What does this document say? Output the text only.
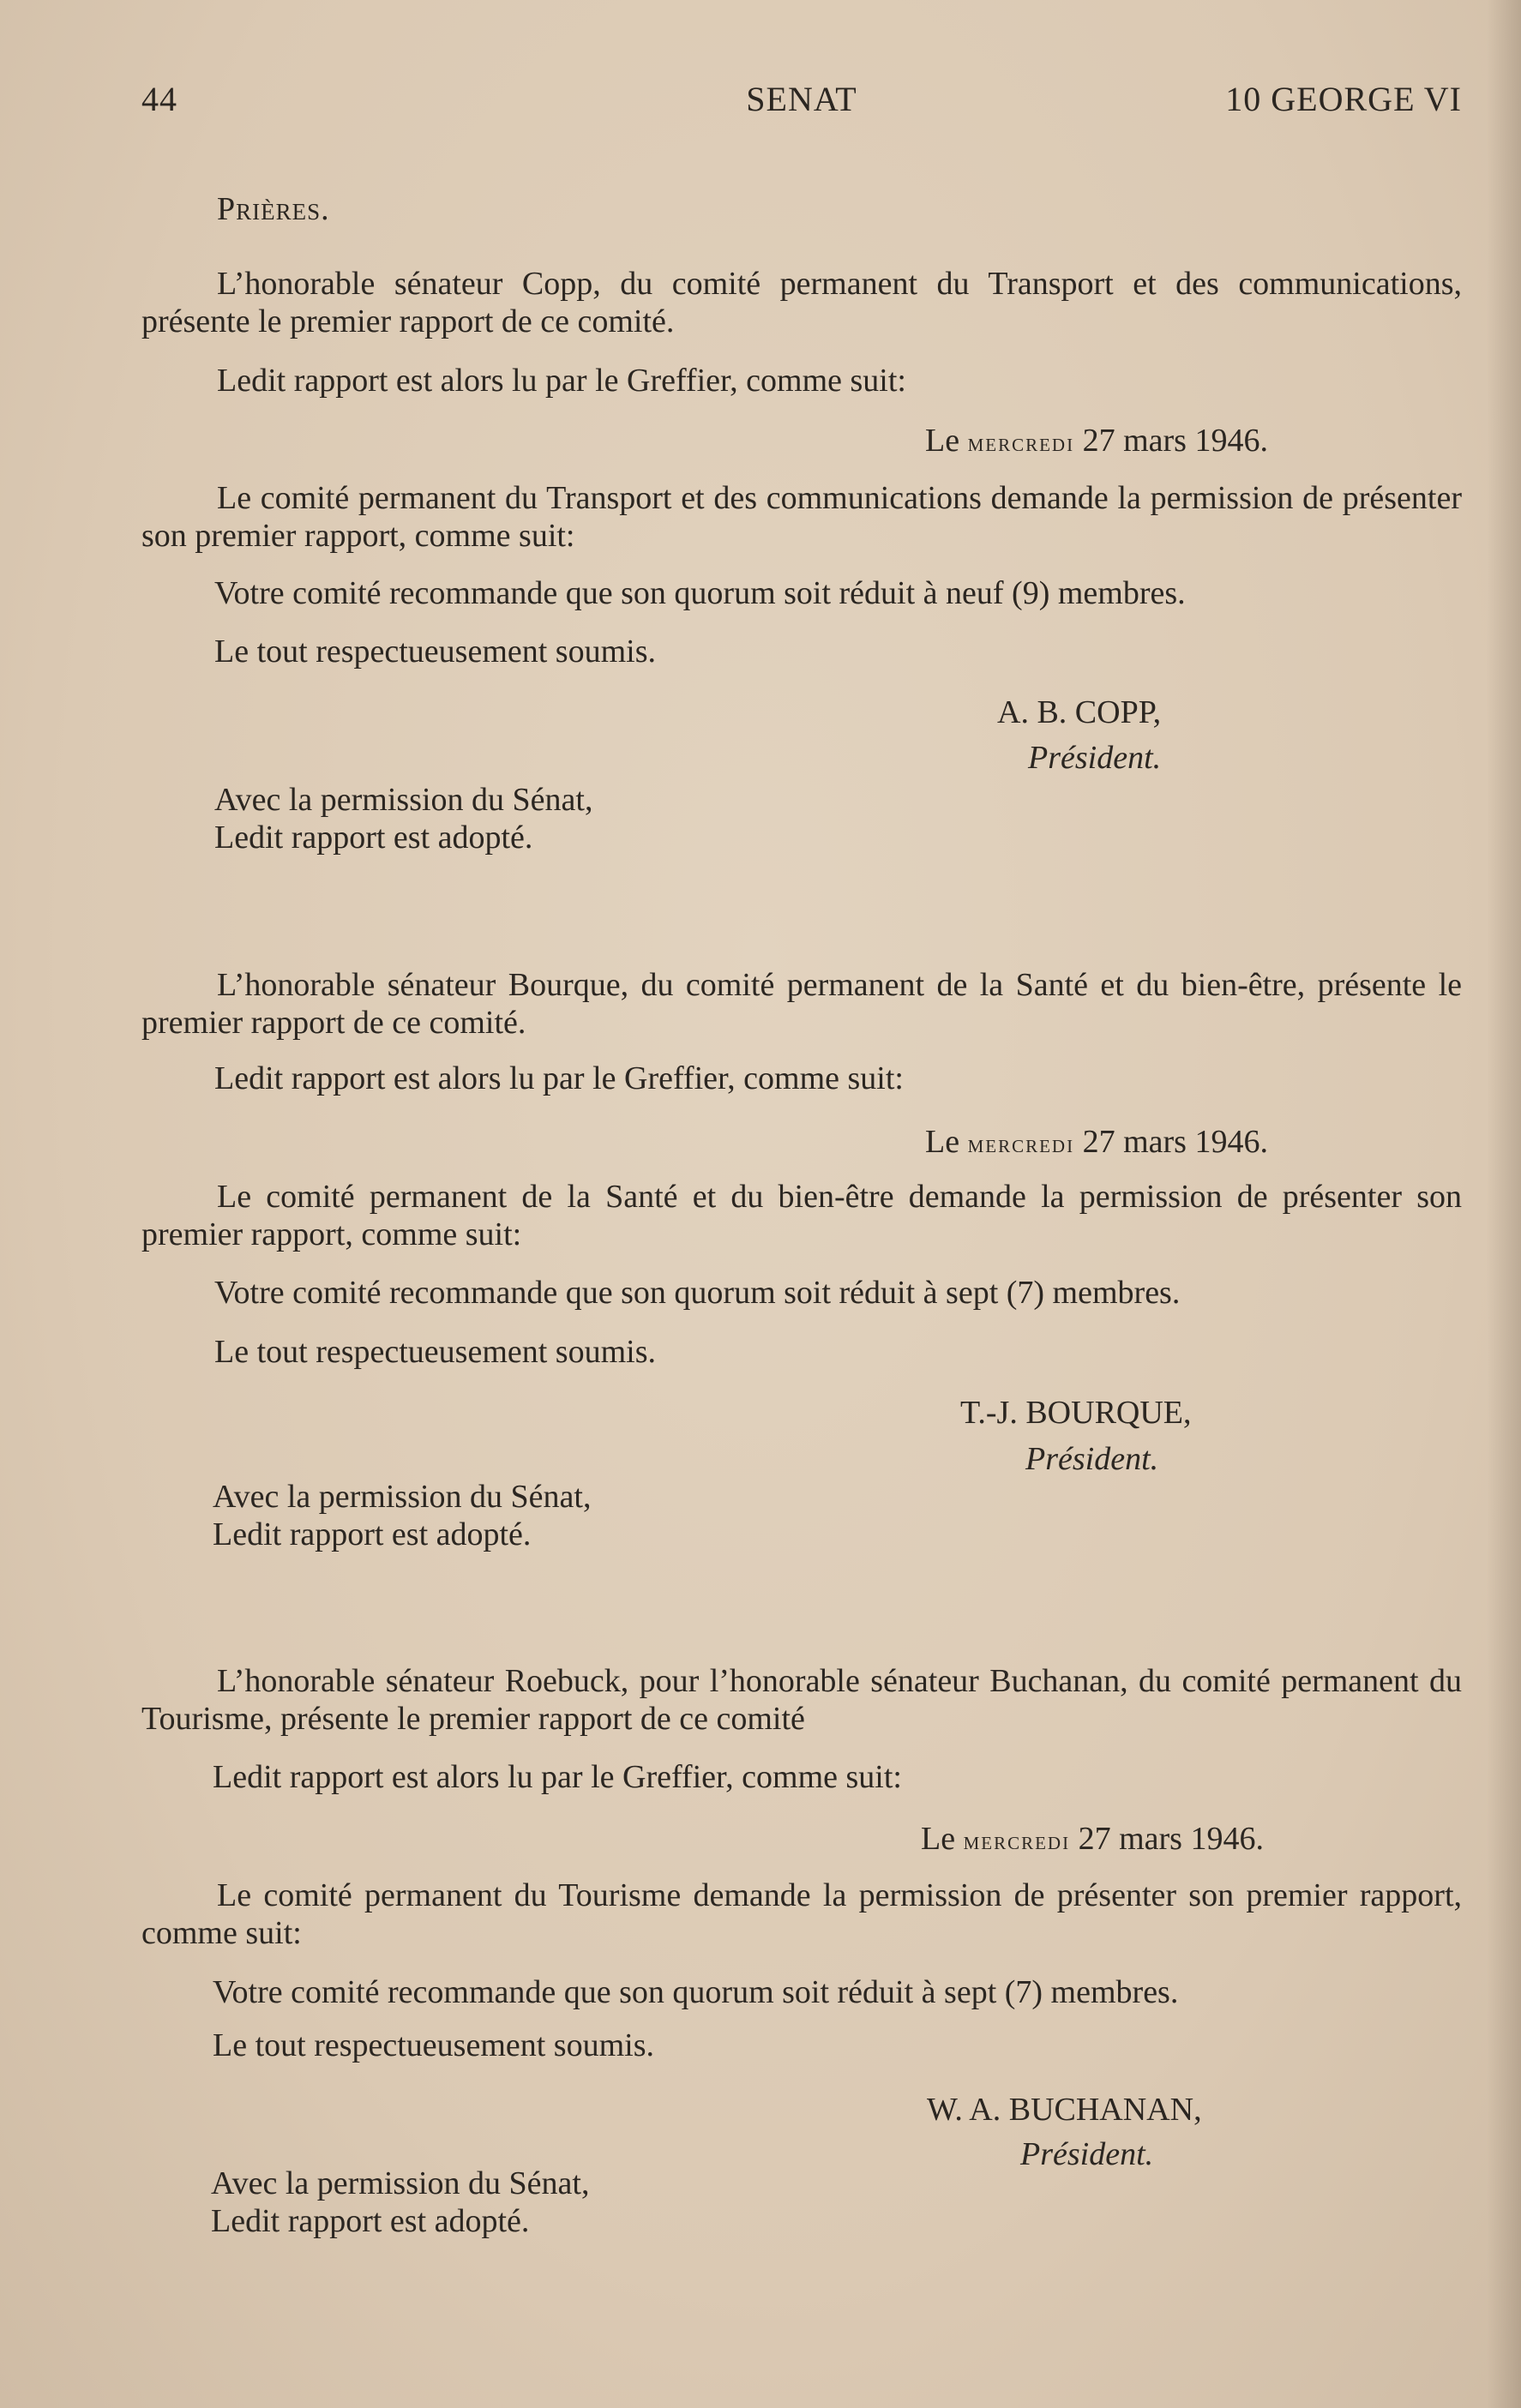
44	SENAT	10 GEORGE VI
Prières.
L’honorable sénateur Copp, du comité permanent du Transport et des communications, présente le premier rapport de ce comité.
Ledit rapport est alors lu par le Greffier, comme suit:
Le mercredi 27 mars 1946.
Le comité permanent du Transport et des communications demande la permission de présenter son premier rapport, comme suit:
Votre comité recommande que son quorum soit réduit à neuf (9) membres.
Le tout respectueusement soumis.
A. B. COPP,
Président.
Avec la permission du Sénat,
Ledit rapport est adopté.
L’honorable sénateur Bourque, du comité permanent de la Santé et du bien-être, présente le premier rapport de ce comité.
Ledit rapport est alors lu par le Greffier, comme suit:
Le mercredi 27 mars 1946.
Le comité permanent de la Santé et du bien-être demande la permission de présenter son premier rapport, comme suit:
Votre comité recommande que son quorum soit réduit à sept (7) membres.
Le tout respectueusement soumis.
T.-J. BOURQUE,
Président.
Avec la permission du Sénat,
Ledit rapport est adopté.
L’honorable sénateur Roebuck, pour l’honorable sénateur Buchanan, du comité permanent du Tourisme, présente le premier rapport de ce comité
Ledit rapport est alors lu par le Greffier, comme suit:
Le mercredi 27 mars 1946.
Le comité permanent du Tourisme demande la permission de présenter son premier rapport, comme suit:
Votre comité recommande que son quorum soit réduit à sept (7) membres.
Le tout respectueusement soumis.
W. A. BUCHANAN,
Président.
Avec la permission du Sénat,
Ledit rapport est adopté.
